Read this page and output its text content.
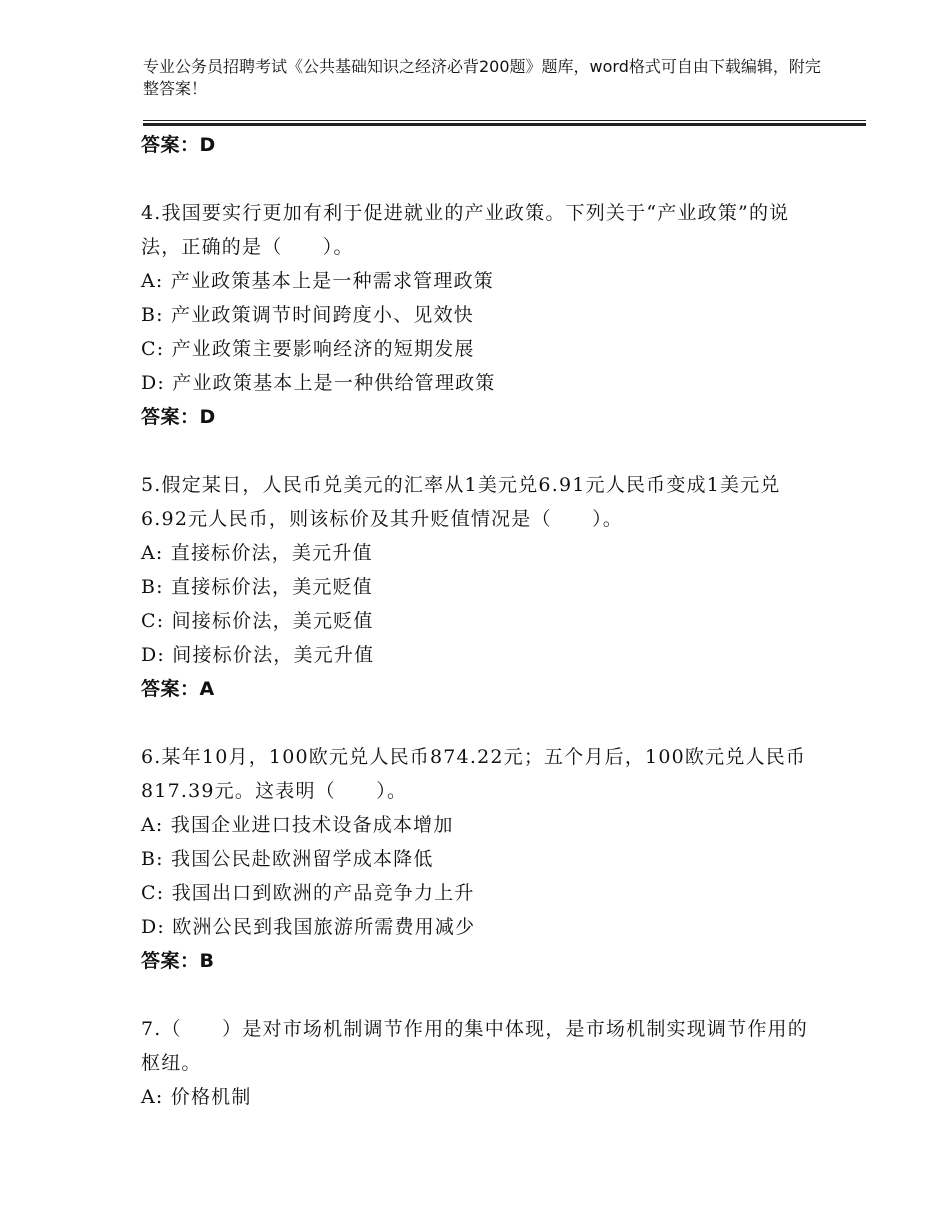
专业公务员招聘考试《公共基础知识之经济必背200题》题库，word格式可自由下载编辑，附完整答案！
答案：D
4.我国要实行更加有利于促进就业的产业政策。下列关于“产业政策”的说法，正确的是（　　）。
A: 产业政策基本上是一种需求管理政策
B: 产业政策调节时间跨度小、见效快
C: 产业政策主要影响经济的短期发展
D: 产业政策基本上是一种供给管理政策
答案：D
5.假定某日，人民币兑美元的汇率从1美元兑6.91元人民币变成1美元兑6.92元人民币，则该标价及其升贬值情况是（　　）。
A: 直接标价法，美元升值
B: 直接标价法，美元贬值
C: 间接标价法，美元贬值
D: 间接标价法，美元升值
答案：A
6.某年10月，100欧元兑人民币874.22元；五个月后，100欧元兑人民币817.39元。这表明（　　）。
A: 我国企业进口技术设备成本增加
B: 我国公民赴欧洲留学成本降低
C: 我国出口到欧洲的产品竞争力上升
D: 欧洲公民到我国旅游所需费用减少
答案：B
7.（　　）是对市场机制调节作用的集中体现，是市场机制实现调节作用的枢纽。
A: 价格机制
